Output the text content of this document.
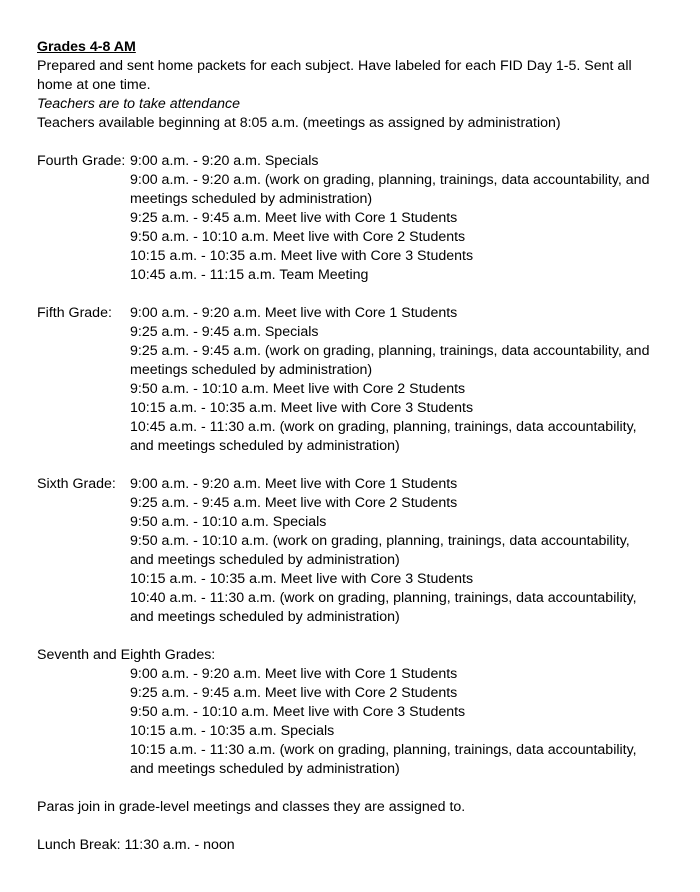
Grades 4-8 AM
Prepared and sent home packets for each subject. Have labeled for each FID Day 1-5. Sent all home at one time.
Teachers are to take attendance
Teachers available beginning at 8:05 a.m. (meetings as assigned by administration)
Fourth Grade: 9:00 a.m. - 9:20 a.m. Specials
9:00 a.m. - 9:20 a.m. (work on grading, planning, trainings, data accountability, and meetings scheduled by administration)
9:25 a.m. - 9:45 a.m. Meet live with Core 1 Students
9:50 a.m. - 10:10 a.m. Meet live with Core 2 Students
10:15 a.m. - 10:35 a.m. Meet live with Core 3 Students
10:45 a.m. - 11:15 a.m. Team Meeting
Fifth Grade: 9:00 a.m. - 9:20 a.m. Meet live with Core 1 Students
9:25 a.m. - 9:45 a.m. Specials
9:25 a.m. - 9:45 a.m. (work on grading, planning, trainings, data accountability, and meetings scheduled by administration)
9:50 a.m. - 10:10 a.m. Meet live with Core 2 Students
10:15 a.m. - 10:35 a.m. Meet live with Core 3 Students
10:45 a.m. - 11:30 a.m. (work on grading, planning, trainings, data accountability, and meetings scheduled by administration)
Sixth Grade: 9:00 a.m. - 9:20 a.m. Meet live with Core 1 Students
9:25 a.m. - 9:45 a.m. Meet live with Core 2 Students
9:50 a.m. - 10:10 a.m. Specials
9:50 a.m. - 10:10 a.m. (work on grading, planning, trainings, data accountability, and meetings scheduled by administration)
10:15 a.m. - 10:35 a.m. Meet live with Core 3 Students
10:40 a.m. - 11:30 a.m. (work on grading, planning, trainings, data accountability, and meetings scheduled by administration)
Seventh and Eighth Grades:
9:00 a.m. - 9:20 a.m. Meet live with Core 1 Students
9:25 a.m. - 9:45 a.m. Meet live with Core 2 Students
9:50 a.m. - 10:10 a.m. Meet live with Core 3 Students
10:15 a.m. - 10:35 a.m. Specials
10:15 a.m. - 11:30 a.m. (work on grading, planning, trainings, data accountability, and meetings scheduled by administration)
Paras join in grade-level meetings and classes they are assigned to.
Lunch Break: 11:30 a.m. - noon
